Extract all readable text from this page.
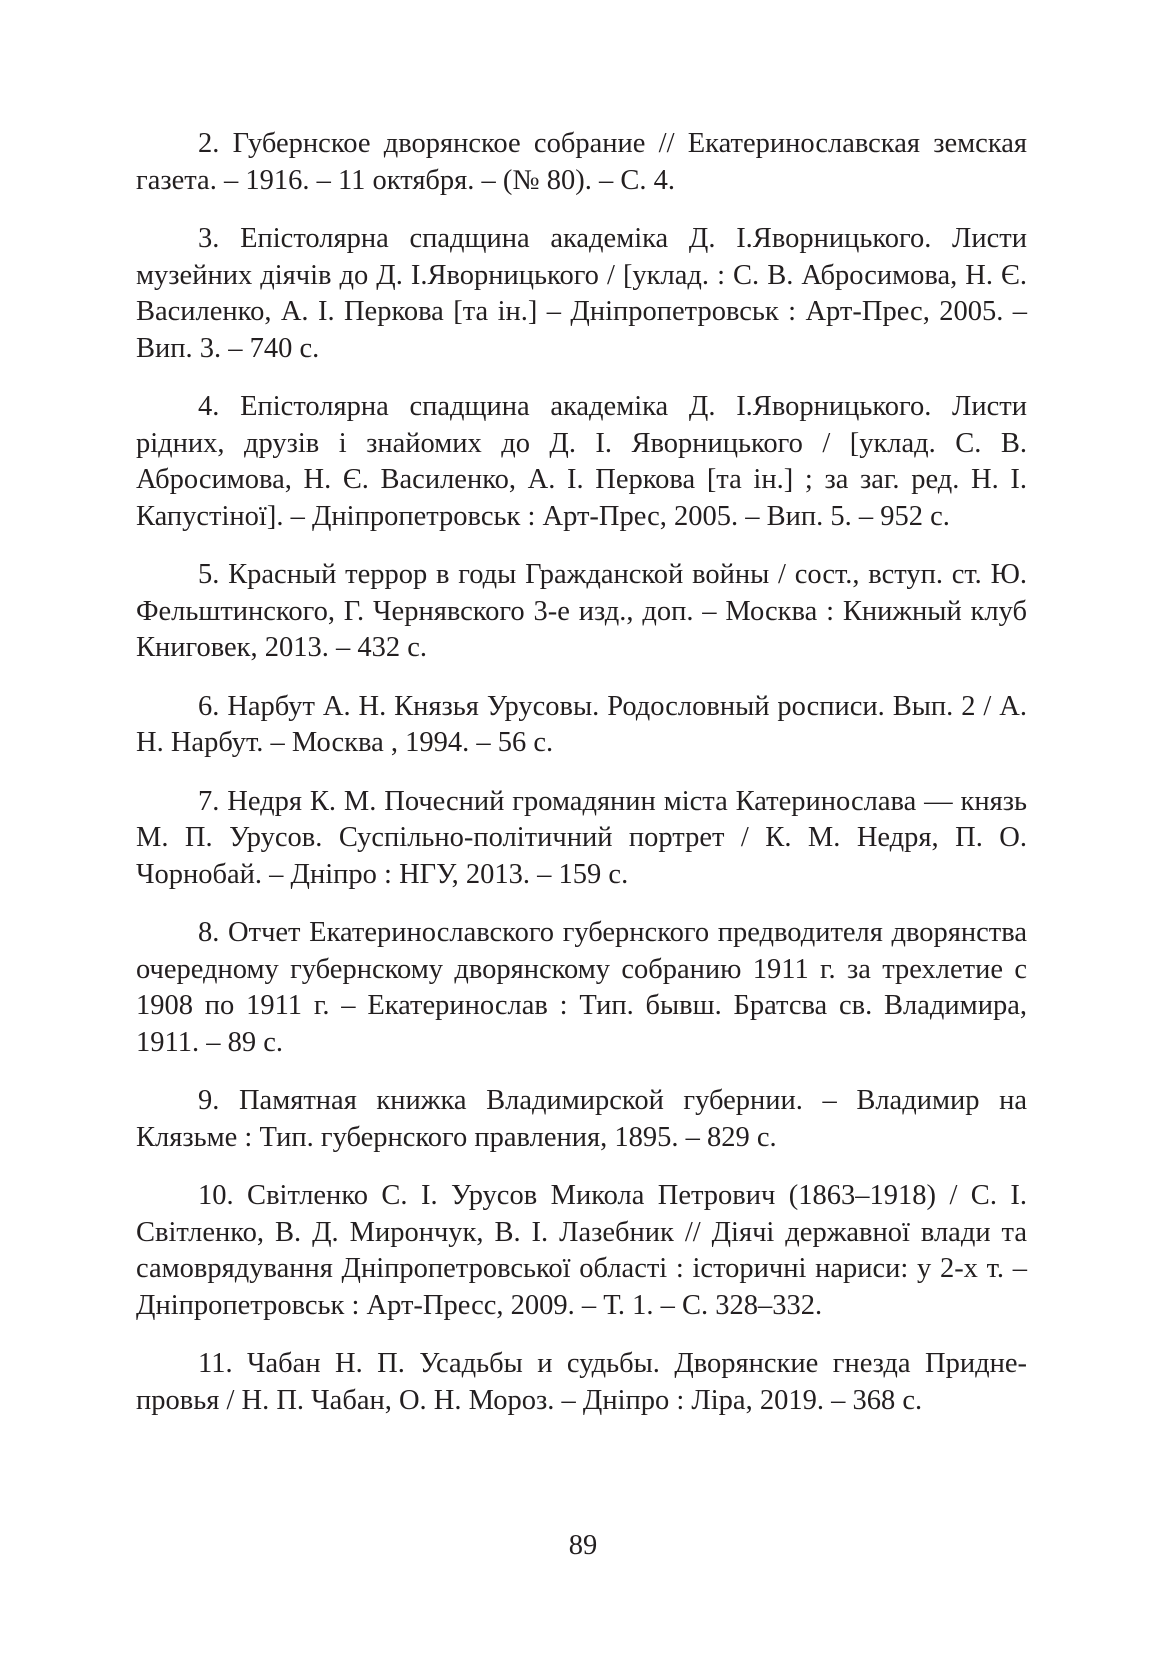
2. Губернское дворянское собрание // Екатеринославская земская газета. – 1916. – 11 октября. – (№ 80). – С. 4.

3. Епістолярна спадщина академіка Д. І.Яворницького. Листи музейних діячів до Д. І.Яворницького / [уклад. : С. В. Абросимова, Н. Є. Василенко, А. І. Перкова [та ін.] – Дніпропетровськ : Арт-Прес, 2005. – Вип. 3. – 740 с.

4. Епістолярна спадщина академіка Д. І.Яворницького. Листи рідних, друзів і знайомих до Д. І. Яворницького / [уклад. С. В. Абросимова, Н. Є. Василенко, А. І. Перкова [та ін.] ; за заг. ред. Н. І. Капустіної]. – Дніпропетровськ : Арт-Прес, 2005. – Вип. 5. – 952 с.

5. Красный террор в годы Гражданской войны / сост., вступ. ст. Ю. Фельштинского, Г. Чернявского 3-е изд., доп. – Москва : Книжный клуб Книговек, 2013. – 432 с.

6. Нарбут А. Н. Князья Урусовы. Родословный росписи. Вып. 2 / А. Н. Нарбут. – Москва , 1994. – 56 с.

7. Недря К. М. Почесний громадянин міста Катеринослава — князь М. П. Урусов. Суспільно-політичний портрет / К. М. Недря, П. О. Чорнобай. – Дніпро : НГУ, 2013. – 159 с.

8. Отчет Екатеринославского губернского предводителя дворянства очередному губернскому дворянскому собранию 1911 г. за трехлетие с 1908 по 1911 г. – Екатеринослав : Тип. бывш. Братсва св. Владимира, 1911. – 89 с.

9. Памятная книжка Владимирской губернии. – Владимир на Клязьме : Тип. губернского правления, 1895. – 829 с.

10. Світленко С. І. Урусов Микола Петрович (1863–1918) / С. І. Світленко, В. Д. Мирончук, В. І. Лазебник // Діячі державної влади та самоврядування Дніпропетровської області : історичні нариси: у 2-х т. – Дніпропетровськ : Арт-Пресс, 2009. – Т. 1. – С. 328–332.

11. Чабан Н. П. Усадьбы и судьбы. Дворянские гнезда Приднепровья / Н. П. Чабан, О. Н. Мороз. – Дніпро : Ліра, 2019. – 368 с.

89
